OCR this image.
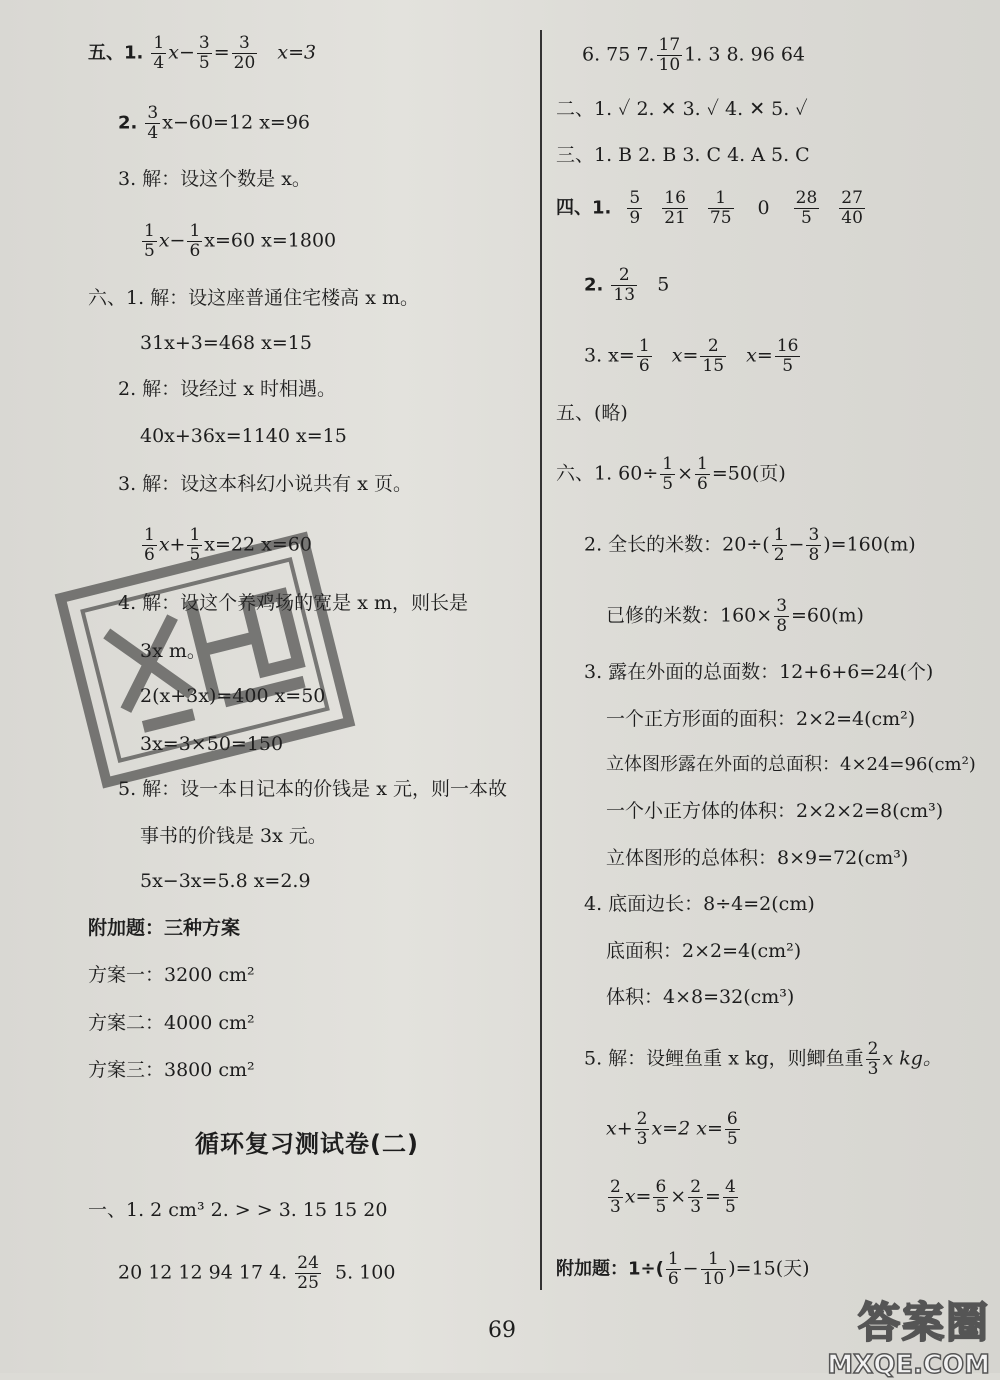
五、1. $\frac{1}{4} x- \frac{3}{5} = \frac{3}{20} x=3$
2. $\frac{3}{4} x-60=12$ x=96
3. 解：设这个数是 x。
$\frac{1}{5} x- \frac{1}{6} x=60$ x=1800
六、1. 解：设这座普通住宅楼高 x m。
31x+3=468 x=15
2. 解：设经过 x 时相遇。
40x+36x=1140 x=15
3. 解：设这本科幻小说共有 x 页。
$\frac{1}{6} x+ \frac{1}{5} x=22$ x=60
4. 解：设这个养鸡场的宽是 x m，则长是
3x m。
2(x+3x)=400 x=50
3x=3×50=150
5. 解：设一本日记本的价钱是 x 元，则一本故
事书的价钱是 3x 元。
5x−3x=5.8 x=2.9
附加题：三种方案
方案一：3200 cm²
方案二：4000 cm²
方案三：3800 cm²
循环复习测试卷(二)
一、1. 2 cm³ 2. > > 3. 15 15 20
20 12 12 94 17 4. $\frac{24}{25} 5$. 100
6. 75 7. $\frac{17}{10} 1$. 3 8. 96 64
二、1. ✓ 2. ✕ 3. ✓ 4. ✕ 5. ✓
三、1. B 2. B 3. C 4. A 5. C
四、1. $\frac{5}{9} \frac{16}{21} \frac{1}{75} 0 \frac{28}{5} \frac{27}{40}$
2. $\frac{2}{13} 5$
3. $x= \frac{1}{6} x= \frac{2}{15} x= \frac{16}{5}$
五、(略)
六、1. $60\div \frac{1}{5} \times \frac{1}{6} =50$(页)
2. 全长的米数：$20\div( \frac{1}{2} - \frac{3}{8} )=160(m)$
已修的米数：$160\times \frac{3}{8} =60(m)$
3. 露在外面的总面数：12+6+6=24(个)
一个正方形面的面积：2×2=4(cm²)
立体图形露在外面的总面积：4×24=96(cm²)
一个小正方体的体积：2×2×2=8(cm³)
立体图形的总体积：8×9=72(cm³)
4. 底面边长：8÷4=2(cm)
底面积：2×2=4(cm²)
体积：4×8=32(cm³)
5. 解：设鲤鱼重 x kg，则鲫鱼重 $\frac{2}{3}$ x kg。
$x+ \frac{2}{3} x=2$ $x= \frac{6}{5}$
$\frac{2}{3} x= \frac{6}{5} \times \frac{2}{3} = \frac{4}{5}$
附加题：$1\div( \frac{1}{6} - \frac{1}{10} )=15$(天)
69	答案圈
MXQE.COM
